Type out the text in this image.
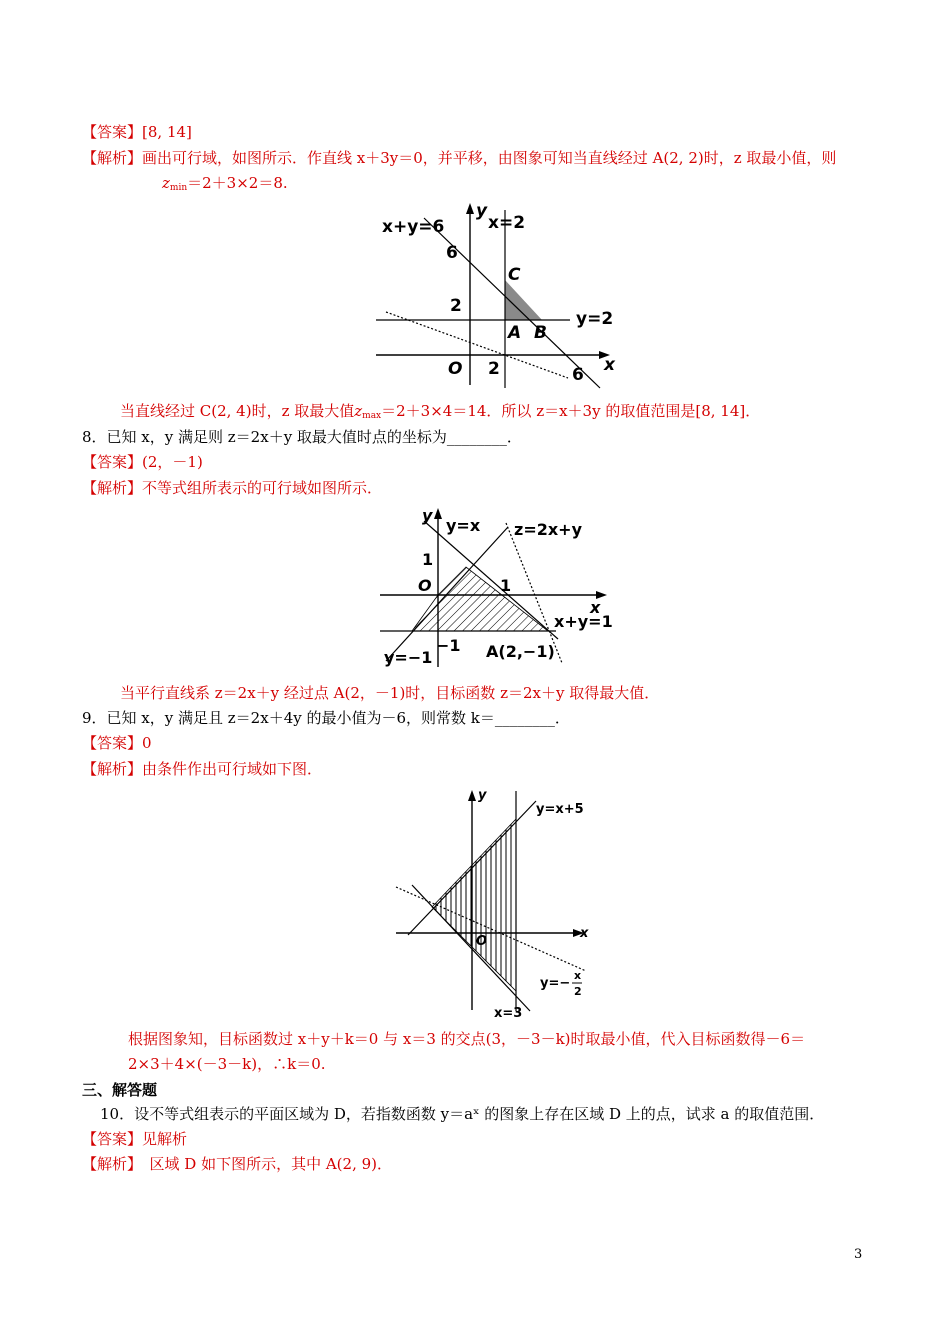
【答案】[8, 14]
【解析】画出可行域，如图所示．作直线 x＋3y＝0，并平移，由图象可知当直线经过 A(2, 2)时，z 取最小值，则
$z_{min}=2+3\times 2=8$.
x+y=6
y
x=2
6
C
2
A B
y=2
O 2	6 x
当直线经过 C(2, 4)时，z 取最大值$z_{max}=2+3\times 4=14$．所以 z＝x＋3y 的取值范围是[8, 14]．
8．已知 x，y 满足则 z＝2x＋y 取最大值时点的坐标为________．
【答案】(2，－1)
【解析】不等式组所表示的可行域如图所示．
y
y=x z=2x+y
1
O	1
x
x+y=1
y=−1
−1 A(2,−1)
当平行直线系 z＝2x＋y 经过点 A(2，－1)时，目标函数 z＝2x＋y 取得最大值．
9．已知 x，y 满足且 z＝2x＋4y 的最小值为－6，则常数 k＝________．
【答案】0
【解析】由条件作出可行域如下图．
y
y=x+5
x
O
y=−
x
2
x=3
根据图象知，目标函数过 x＋y＋k＝0 与 x＝3 的交点(3，－3－k)时取最小值，代入目标函数得－6＝
2×3＋4×(－3－k)，∴k＝0.
三、解答题
10．设不等式组表示的平面区域为 D，若指数函数 y＝aˣ 的图象上存在区域 D 上的点，试求 a 的取值范围．
【答案】见解析
【解析】　区域 D 如下图所示，其中 A(2, 9)．
3
